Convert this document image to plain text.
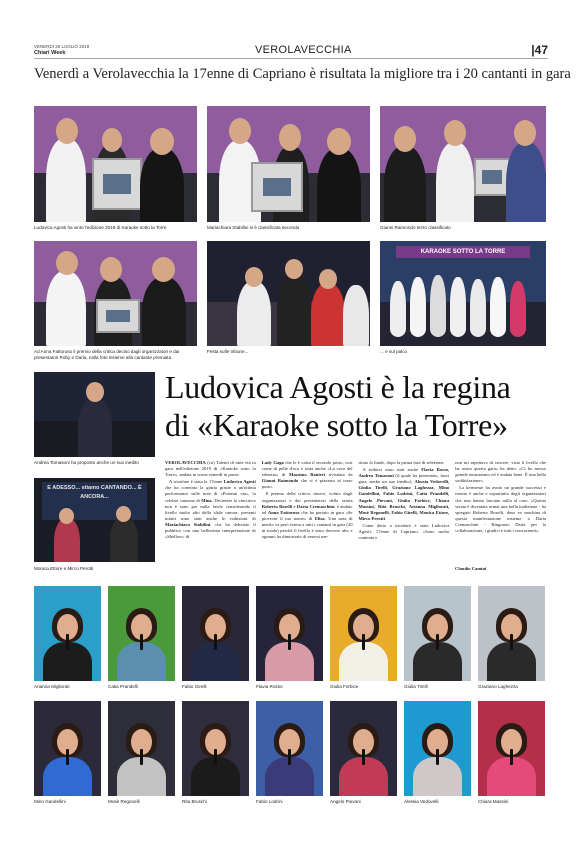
VENERDÌ 26 LUGLIO 2019
Chiari Week	VEROLAVECCHIA	|47
Venerdì a Verolavecchia la 17enne di Capriano è risultata la migliore tra i 20 cantanti in gara
Ludovica Agosti ha vinto l'edizione 2019 di Karaoke sotto la Torre	Mariachiara Stabilini si è classificata seconda	Gianni Raimondo terzo classificato
Ad Anna Fattoruso il premio della critica deciso dagli organizzatori e dai presentatori Roby e Daria, nella foto insieme alla cantante premiata
Festa sulle tribune...
KARAOKE SOTTO LA TORRE
... e sul palco
Andrea Tomasoni ha proposto anche un suo inedito
E ADESSO... stiamo CANTANDO... È ANCORA...
Monica Ettore e Mirco Perotti
Ludovica Agosti è la regina
di «Karaoke sotto la Torre»

VEROLAVECCHIA (cu) Talenti di tutte età in gara nell'edizione 2019 di «Karaoke sotto la Torre», andata in scena venerdì in paese.

A trionfare è stata la 17enne Ludovica Agosti che ha convinto la giuria grazie a un'ottima performance sulle note di «Portami via», la celebre canzone di Mina. Decretare la vincitrice non è stato per nulla facile considerando il livello molto alto della sfida canora: presenti infatti sono stati anche le esibizioni di Mariachiara Stabilini, che ha deliziato il pubblico con una bellissima interpretazione di «Shallow» di

Lady Gaga che le è valsa il secondo posto, così come di pelle d'oca è stata anche «La voce del silenzio» di Massimo Ranieri rivisitata da Gianni Raimondo che si è piazzato al terzo posto.

Il premio della critica, invece, voluto dagli organizzatori e dai presentatori della serata Roberto Boselli e Daria Cremaschini, è andato ad Anna Fattoruso che ha portato in gara «Se piovesse il tuo nome» di Elisa. Una nota di merito va però estesa a tutti i cantanti in gara (20 in totale) perché il livello è stato davvero alto e ognuno ha dimostrato di essersi me-

ritato la finale, dopo la prima fase di selezione.

A esibirsi sono stati anche Flavia Rosso, Andrea Tomasoni (il quale ha presentato, fuori gara, anche un suo inedito), Alessia Vedovelli, Giulia Tirelli, Graziano Laghezza, Mino Gandellini, Fabio Lodrini, Catia Prandelli, Angelo Piovani, Giulia Forbice, Chiara Massini, Rita Bruschi, Arianna Migliorati, Mosè Regonelli, Fabio Girelli, Monica Ettore, Mirco Perotti.

Come detto a trionfare è stata Ludovica Agosti, 17enne di Capriano. «Sono molto contenta e

non mi aspettavo di vincere, visto il livello che ha avuto questa gara» ha detto. «Ci ho messo grande entusiasmo ed è andata bene. È una bella soddisfazione».

La kermesse ha avuto un grande successo e merito è anche e soprattutto degli organizzatori che non hanno lasciato nulla al caso. «Questa serata è diventata ormai una bella tradizione - ha spiegato Roberto Boselli, deus ex machina di questa manifestazione insieme a Daria Cremaschini - Ringrazio Daria per la collaborazione, i giudici e tutti i concorrenti».

Claudio Camini
Arianna Migliorati	Catia Prandelli	Fabio Girelli	Flavia Rosso	Giulia Forbice	Giulia Tirelli	Graziano Laghezza
Mino Gandellini	Mosè Regonelli	Rita Bruschi	Fabio Lodrini	Angelo Piovani	Alessia Vedovelli	Chiara Massini
